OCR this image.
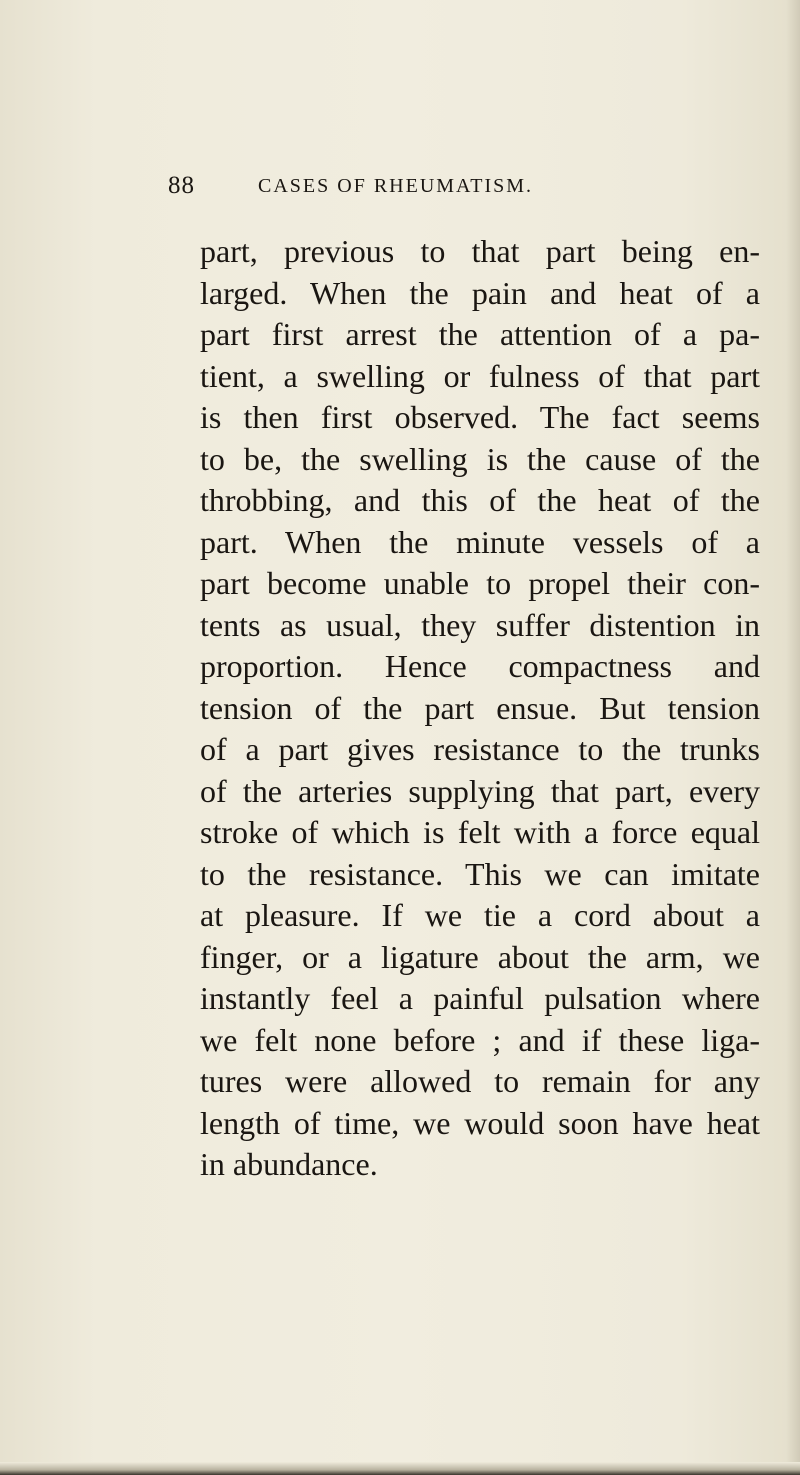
88	CASES OF RHEUMATISM.
part, previous to that part being en-
larged. When the pain and heat of a
part first arrest the attention of a pa-
tient, a swelling or fulness of that part
is then first observed. The fact seems
to be, the swelling is the cause of the
throbbing, and this of the heat of the
part. When the minute vessels of a
part become unable to propel their con-
tents as usual, they suffer distention in
proportion. Hence compactness and
tension of the part ensue. But tension
of a part gives resistance to the trunks
of the arteries supplying that part, every
stroke of which is felt with a force equal
to the resistance. This we can imitate
at pleasure. If we tie a cord about a
finger, or a ligature about the arm, we
instantly feel a painful pulsation where
we felt none before ; and if these liga-
tures were allowed to remain for any
length of time, we would soon have heat
in abundance.
